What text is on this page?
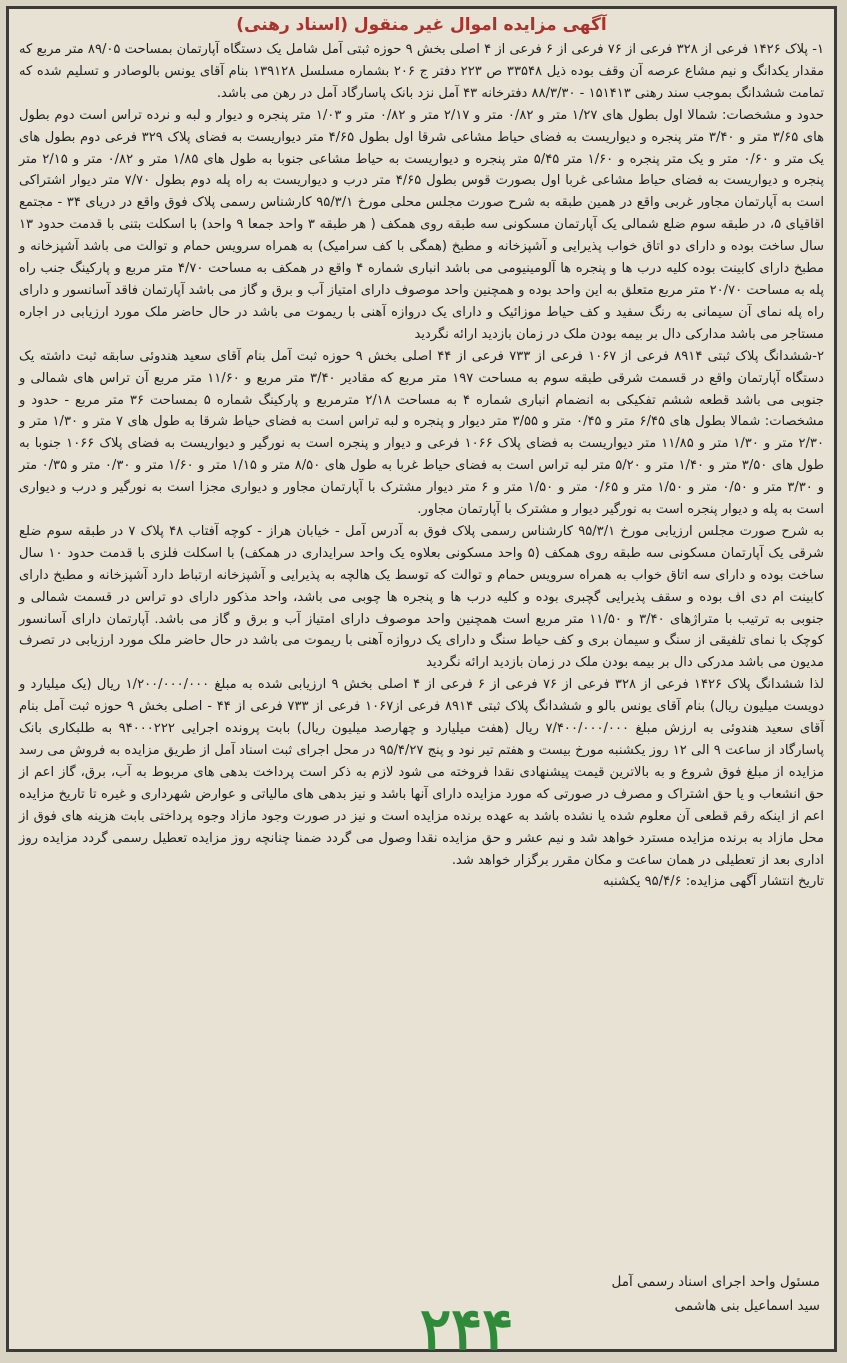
آگهی مزایده اموال غیر منقول (اسناد رهنی)

۱- پلاک ۱۴۲۶ فرعی از ۳۲۸ فرعی از ۷۶ فرعی از ۶ فرعی از ۴ اصلی بخش ۹ حوزه ثبتی آمل شامل یک دستگاه آپارتمان بمساحت ۸۹/۰۵ متر مربع که مقدار یکدانگ و نیم مشاع عرصه آن وقف بوده ذیل ۳۳۵۴۸ ص ۲۲۳ دفتر ج ۲۰۶ بشماره مسلسل ۱۳۹۱۲۸ بنام آقای یونس بالوصادر و تسلیم شده که تمامت ششدانگ بموجب سند رهنی ۱۵۱۴۱۳ - ۸۸/۳/۳۰ دفترخانه ۴۳ آمل نزد بانک پاسارگاد آمل در رهن می باشد.

حدود و مشخصات: شمالا اول بطول های ۱/۲۷ متر و ۰/۸۲ متر و ۲/۱۷ متر و ۰/۸۲ متر و ۱/۰۳ متر پنجره و دیوار و لبه و نرده تراس است دوم بطول های ۳/۶۵ متر و ۳/۴۰ متر پنجره و دیواریست به فضای حیاط مشاعی شرقا اول بطول ۴/۶۵ متر دیواریست به فضای پلاک ۳۲۹ فرعی دوم بطول های یک متر و ۰/۶۰ متر و یک متر پنجره و ۱/۶۰ متر ۵/۴۵ متر پنجره و دیواریست به حیاط مشاعی جنوبا به طول های ۱/۸۵ متر و ۰/۸۲ متر و ۲/۱۵ متر پنجره و دیواریست به فضای حیاط مشاعی غربا اول بصورت قوس بطول ۴/۶۵ متر درب و دیواریست به راه پله دوم بطول ۷/۷۰ متر دیوار اشتراکی است به آپارتمان مجاور غربی واقع در همین طبقه به شرح صورت مجلس محلی مورخ ۹۵/۳/۱ کارشناس رسمی پلاک فوق واقع در دریای ۳۴ - مجتمع اقاقیای ۵، در طبقه سوم ضلع شمالی یک آپارتمان مسکونی سه طبقه روی همکف ( هر طبقه ۳ واحد جمعا ۹ واحد) با اسکلت بتنی با قدمت حدود ۱۳ سال ساخت بوده و دارای دو اتاق خواب پذیرایی و آشپزخانه و مطبخ (همگی با کف سرامیک) به همراه سرویس حمام و توالت می باشد آشپزخانه و مطبخ دارای کابینت بوده کلیه درب ها و پنجره ها آلومینیومی می باشد انباری شماره ۴ واقع در همکف به مساحت ۴/۷۰ متر مربع و پارکینگ جنب راه پله به مساحت ۲۰/۷۰ متر مربع متعلق به این واحد بوده و همچنین واحد موصوف دارای امتیاز آب و برق و گاز می باشد آپارتمان فاقد آسانسور و دارای راه پله نمای آن سیمانی به رنگ سفید و کف حیاط موزائیک و دارای یک دروازه آهنی با ریموت می باشد در حال حاضر ملک مورد ارزیابی در اجاره مستاجر می باشد مدارکی دال بر بیمه بودن ملک در زمان بازدید ارائه نگردید

۲-ششدانگ پلاک ثبتی ۸۹۱۴ فرعی از ۱۰۶۷ فرعی از ۷۳۳ فرعی از ۴۴ اصلی بخش ۹ حوزه ثبت آمل بنام آقای سعید هندوئی سابقه ثبت داشته یک دستگاه آپارتمان واقع در قسمت شرقی طبقه سوم به مساحت ۱۹۷ متر مربع که مقادیر ۳/۴۰ متر مربع و ۱۱/۶۰ متر مربع آن تراس های شمالی و جنوبی می باشد قطعه ششم تفکیکی به انضمام انباری شماره ۴ به مساحت ۲/۱۸ مترمربع و پارکینگ شماره ۵ بمساحت ۳۶ متر مربع - حدود و مشخصات: شمالا بطول های ۶/۴۵ متر و ۰/۴۵ متر و ۳/۵۵ متر دیوار و پنجره و لبه تراس است به فضای حیاط شرقا به طول های ۷ متر و ۱/۳۰ متر و ۲/۳۰ متر و ۱/۳۰ متر و ۱۱/۸۵ متر دیواریست به فضای پلاک ۱۰۶۶ فرعی و دیوار و پنجره است به نورگیر و دیواریست به فضای پلاک ۱۰۶۶ جنوبا به طول های ۳/۵۰ متر و ۱/۴۰ متر و ۵/۲۰ متر لبه تراس است به فضای حیاط غربا به طول های ۸/۵۰ متر و ۱/۱۵ متر و ۱/۶۰ متر و ۰/۳۰ متر و ۰/۳۵ متر و ۳/۳۰ متر و ۰/۵۰ متر و ۱/۵۰ متر و ۰/۶۵ متر و ۱/۵۰ متر و ۶ متر دیوار مشترک با آپارتمان مجاور و دیواری مجزا است به نورگیر و درب و دیواری است به پله و دیوار پنجره است به نورگیر دیوار و مشترک با آپارتمان مجاور.

به شرح صورت مجلس ارزیابی مورخ ۹۵/۳/۱ کارشناس رسمی پلاک فوق به آدرس آمل - خیابان هراز - کوچه آفتاب ۴۸ پلاک ۷ در طبقه سوم ضلع شرقی یک آپارتمان مسکونی سه طبقه روی همکف (۵ واحد مسکونی بعلاوه یک واحد سرایداری در همکف) با اسکلت فلزی با قدمت حدود ۱۰ سال ساخت بوده و دارای سه اتاق خواب به همراه سرویس حمام و توالت که توسط یک هالچه به پذیرایی و آشپزخانه ارتباط دارد آشپزخانه و مطبخ دارای کابینت ام دی اف بوده و سقف پذیرایی گچبری بوده و کلیه درب ها و پنجره ها چوبی می باشد، واحد مذکور دارای دو تراس در قسمت شمالی و جنوبی به ترتیب با متراژهای ۳/۴۰ و ۱۱/۵۰ متر مربع است همچنین واحد موصوف دارای امتیاز آب و برق و گاز می باشد. آپارتمان دارای آسانسور کوچک با نمای تلفیقی از سنگ و سیمان بری و کف حیاط سنگ و دارای یک دروازه آهنی با ریموت می باشد در حال حاضر ملک مورد ارزیابی در تصرف مدیون می باشد مدرکی دال بر بیمه بودن ملک در زمان بازدید ارائه نگردید

لذا ششدانگ پلاک ۱۴۲۶ فرعی از ۳۲۸ فرعی از ۷۶ فرعی از ۶ فرعی از ۴ اصلی بخش ۹ ارزیابی شده به مبلغ ۱/۲۰۰/۰۰۰/۰۰۰ ریال (یک میلیارد و دویست میلیون ریال) بنام آقای یونس بالو و ششدانگ پلاک ثبتی ۸۹۱۴ فرعی از۱۰۶۷ فرعی از ۷۳۳ فرعی از ۴۴ - اصلی بخش ۹ حوزه ثبت آمل بنام آقای سعید هندوئی به ارزش مبلغ ۷/۴۰۰/۰۰۰/۰۰۰ ریال (هفت میلیارد و چهارصد میلیون ریال) بابت پرونده اجرایی ۹۴۰۰۰۲۲۲ به طلبکاری بانک پاسارگاد از ساعت ۹ الی ۱۲ روز یکشنبه مورخ بیست و هفتم تیر نود و پنج ۹۵/۴/۲۷ در محل اجرای ثبت اسناد آمل از طریق مزایده به فروش می رسد مزایده از مبلغ فوق شروع و به بالاترین قیمت پیشنهادی نقدا فروخته می شود لازم به ذکر است پرداخت بدهی های مربوط به آب، برق، گاز اعم از حق انشعاب و یا حق اشتراک و مصرف در صورتی که مورد مزایده دارای آنها باشد و نیز بدهی های مالیاتی و عوارض شهرداری و غیره تا تاریخ مزایده اعم از اینکه رقم قطعی آن معلوم شده یا نشده باشد به عهده برنده مزایده است و نیز در صورت وجود مازاد وجوه پرداختی بابت هزینه های فوق از محل مازاد به برنده مزایده مسترد خواهد شد و نیم عشر و حق مزایده نقدا وصول می گردد ضمنا چنانچه روز مزایده تعطیل رسمی گردد مزایده روز اداری بعد از تعطیلی در همان ساعت و مکان مقرر برگزار خواهد شد.

تاریخ انتشار آگهی مزایده: ۹۵/۴/۶ یکشنبه

مسئول واحد اجرای اسناد رسمی آمل
سید اسماعیل بنی هاشمی
۲۴۴
